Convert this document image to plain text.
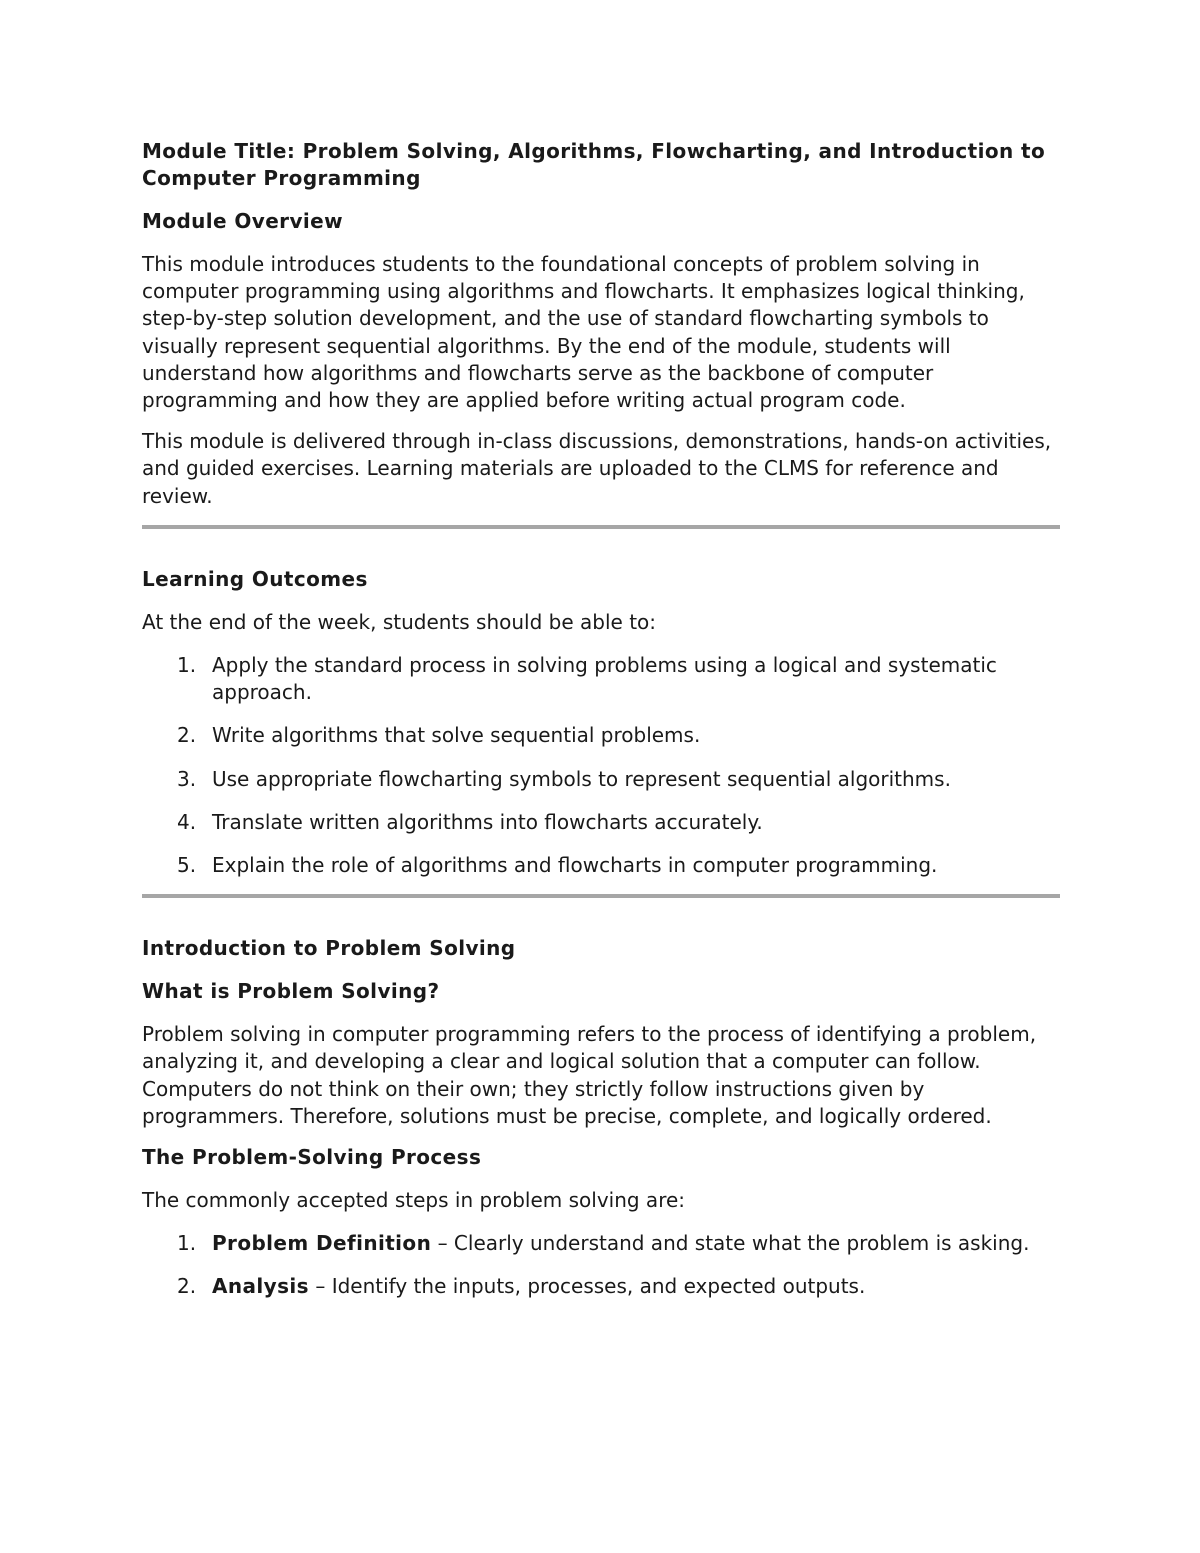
Module Title: Problem Solving, Algorithms, Flowcharting, and Introduction to Computer Programming

Module Overview

This module introduces students to the foundational concepts of problem solving in computer programming using algorithms and flowcharts. It emphasizes logical thinking, step-by-step solution development, and the use of standard flowcharting symbols to visually represent sequential algorithms. By the end of the module, students will understand how algorithms and flowcharts serve as the backbone of computer programming and how they are applied before writing actual program code.

This module is delivered through in-class discussions, demonstrations, hands-on activities, and guided exercises. Learning materials are uploaded to the CLMS for reference and review.

Learning Outcomes

At the end of the week, students should be able to:

1. Apply the standard process in solving problems using a logical and systematic approach.
2. Write algorithms that solve sequential problems.
3. Use appropriate flowcharting symbols to represent sequential algorithms.
4. Translate written algorithms into flowcharts accurately.
5. Explain the role of algorithms and flowcharts in computer programming.

Introduction to Problem Solving

What is Problem Solving?

Problem solving in computer programming refers to the process of identifying a problem, analyzing it, and developing a clear and logical solution that a computer can follow. Computers do not think on their own; they strictly follow instructions given by programmers. Therefore, solutions must be precise, complete, and logically ordered.

The Problem-Solving Process

The commonly accepted steps in problem solving are:

1. Problem Definition – Clearly understand and state what the problem is asking.
2. Analysis – Identify the inputs, processes, and expected outputs.
